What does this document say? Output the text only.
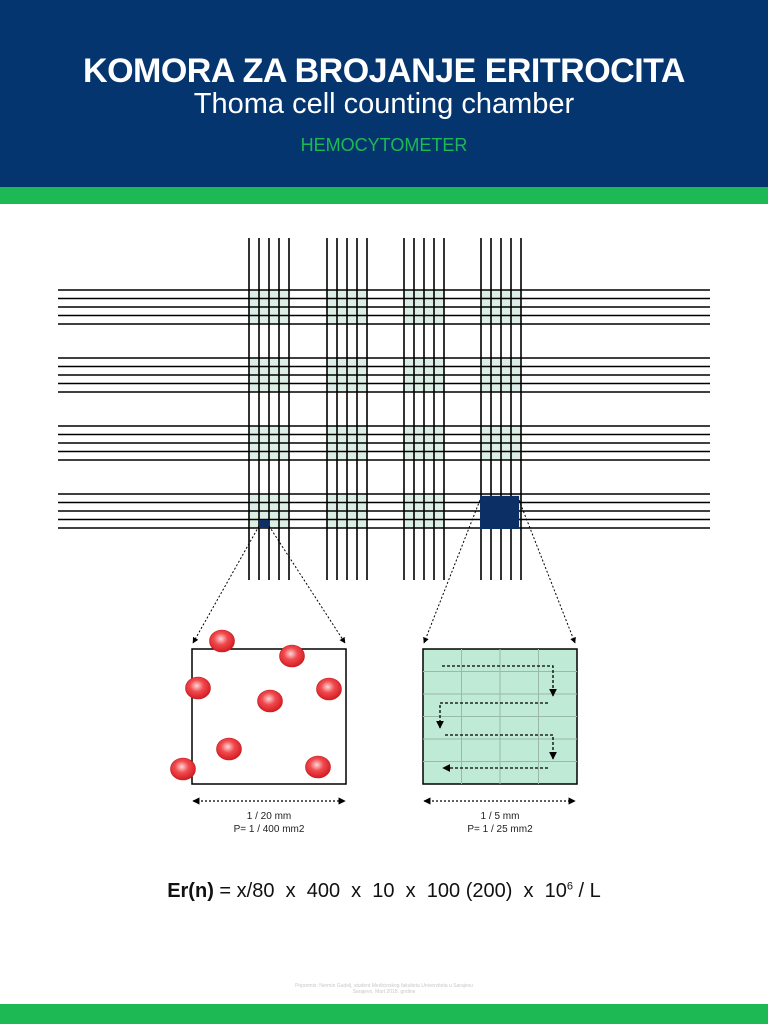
KOMORA ZA BROJANJE ERITROCITA
Thoma cell counting chamber
HEMOCYTOMETER
1 / 20 mm
P= 1 / 400 mm2
1 / 5 mm
P= 1 / 25 mm2
Er(n) = x/80  x  400  x  10  x  100 (200)  x  $10^6$ / L
Pripremio: Nermin Gudelj, student Medicinskog fakulteta Univerziteta u Sarajevu
Sarajevo, Mart 2018. godine
